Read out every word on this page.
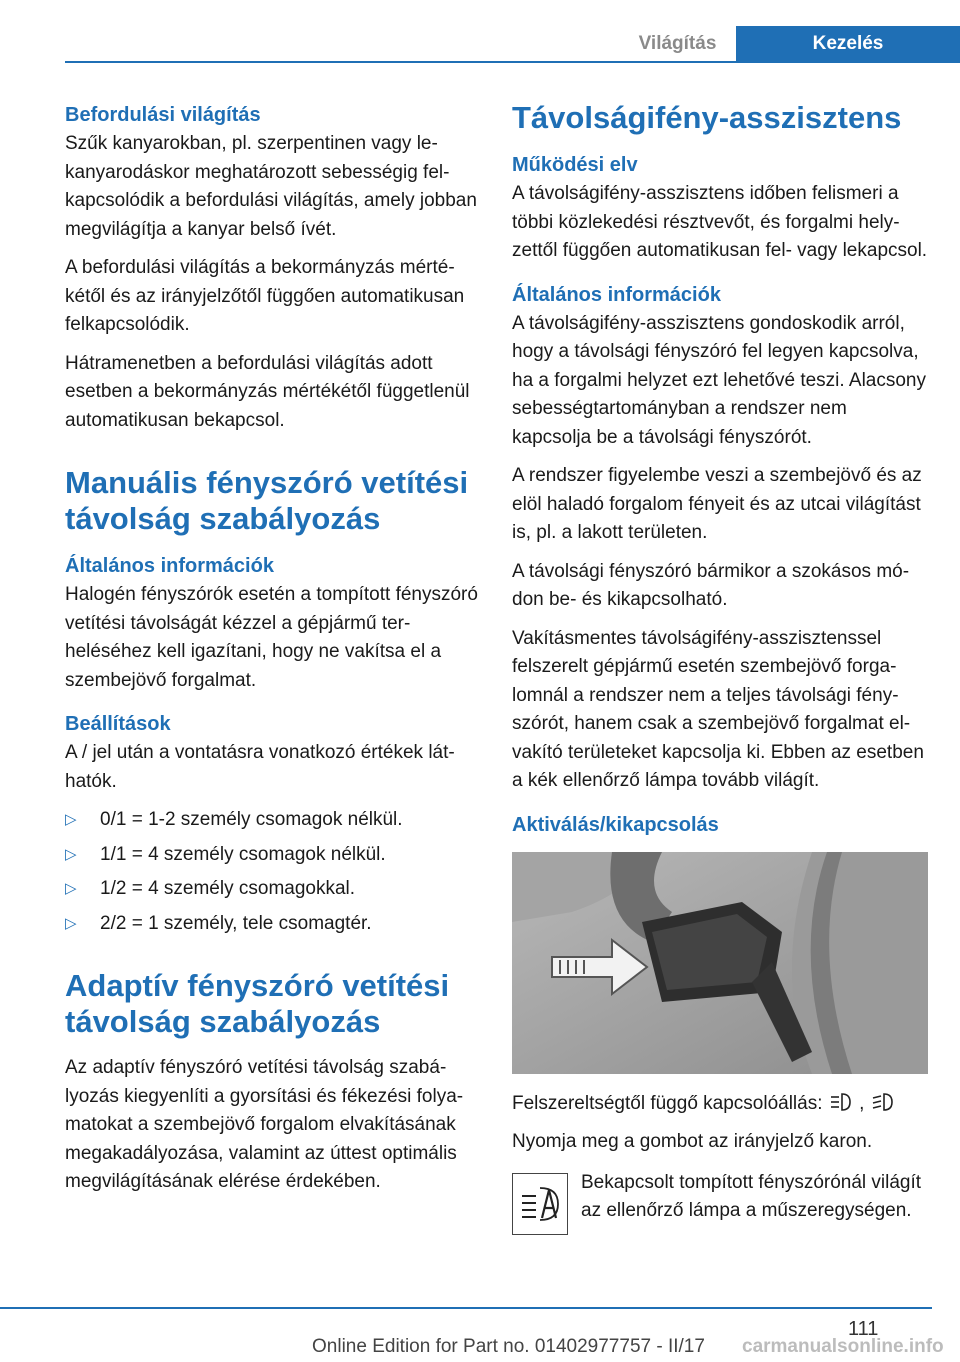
Világítás	Kezelés
Befordulási világítás

Szűk kanyarokban, pl. szerpentinen vagy lekanyarodáskor meghatározott sebességig felkapcsolódik a befordulási világítás, amely jobban megvilágítja a kanyar belső ívét.

A befordulási világítás a bekormányzás mértékétől és az irányjelzőtől függően automatikusan felkapcsolódik.

Hátramenetben a befordulási világítás adott esetben a bekormányzás mértékétől függetlenül automatikusan bekapcsol.

Manuális fényszóró vetítési távolság szabályozás
Általános információk

Halogén fényszórók esetén a tompított fényszóró vetítési távolságát kézzel a gépjármű terheléséhez kell igazítani, hogy ne vakítsa el a szembejövő forgalmat.

Beállítások

A / jel után a vontatásra vonatkozó értékek láthatók.

▷ 0/1 = 1-2 személy csomagok nélkül.
▷ 1/1 = 4 személy csomagok nélkül.
▷ 1/2 = 4 személy csomagokkal.
▷ 2/2 = 1 személy, tele csomagtér.
Adaptív fényszóró vetítési távolság szabályozás

Az adaptív fényszóró vetítési távolság szabályozás kiegyenlíti a gyorsítási és fékezési folyamatokat a szembejövő forgalom elvakításának megakadályozása, valamint az úttest optimális megvilágításának elérése érdekében.

Távolságifény-asszisztens
Működési elv

A távolságifény-asszisztens időben felismeri a többi közlekedési résztvevőt, és forgalmi helyzettől függően automatikusan fel- vagy lekapcsol.

Általános információk

A távolságifény-asszisztens gondoskodik arról, hogy a távolsági fényszóró fel legyen kapcsolva, ha a forgalmi helyzet ezt lehetővé teszi. Alacsony sebességtartományban a rendszer nem kapcsolja be a távolsági fényszórót.

A rendszer figyelembe veszi a szembejövő és az elöl haladó forgalom fényeit és az utcai világítást is, pl. a lakott területen.

A távolsági fényszóró bármikor a szokásos módon be- és kikapcsolható.

Vakításmentes távolságifény-asszisztenssel felszerelt gépjármű esetén szembejövő forgalomnál a rendszer nem a teljes távolsági fényszórót, hanem csak a szembejövő forgalmat elvakító területeket kapcsolja ki. Ebben az esetben a kék ellenőrző lámpa tovább világít.

Aktiválás/kikapcsolás

Felszereltségtől függő kapcsolóállás: ,

Nyomja meg a gombot az irányjelző karon.

Bekapcsolt tompított fényszórónál világít az ellenőrző lámpa a műszeregységen.
111
Online Edition for Part no. 01402977757 - II/17 carmanualsonline.info
